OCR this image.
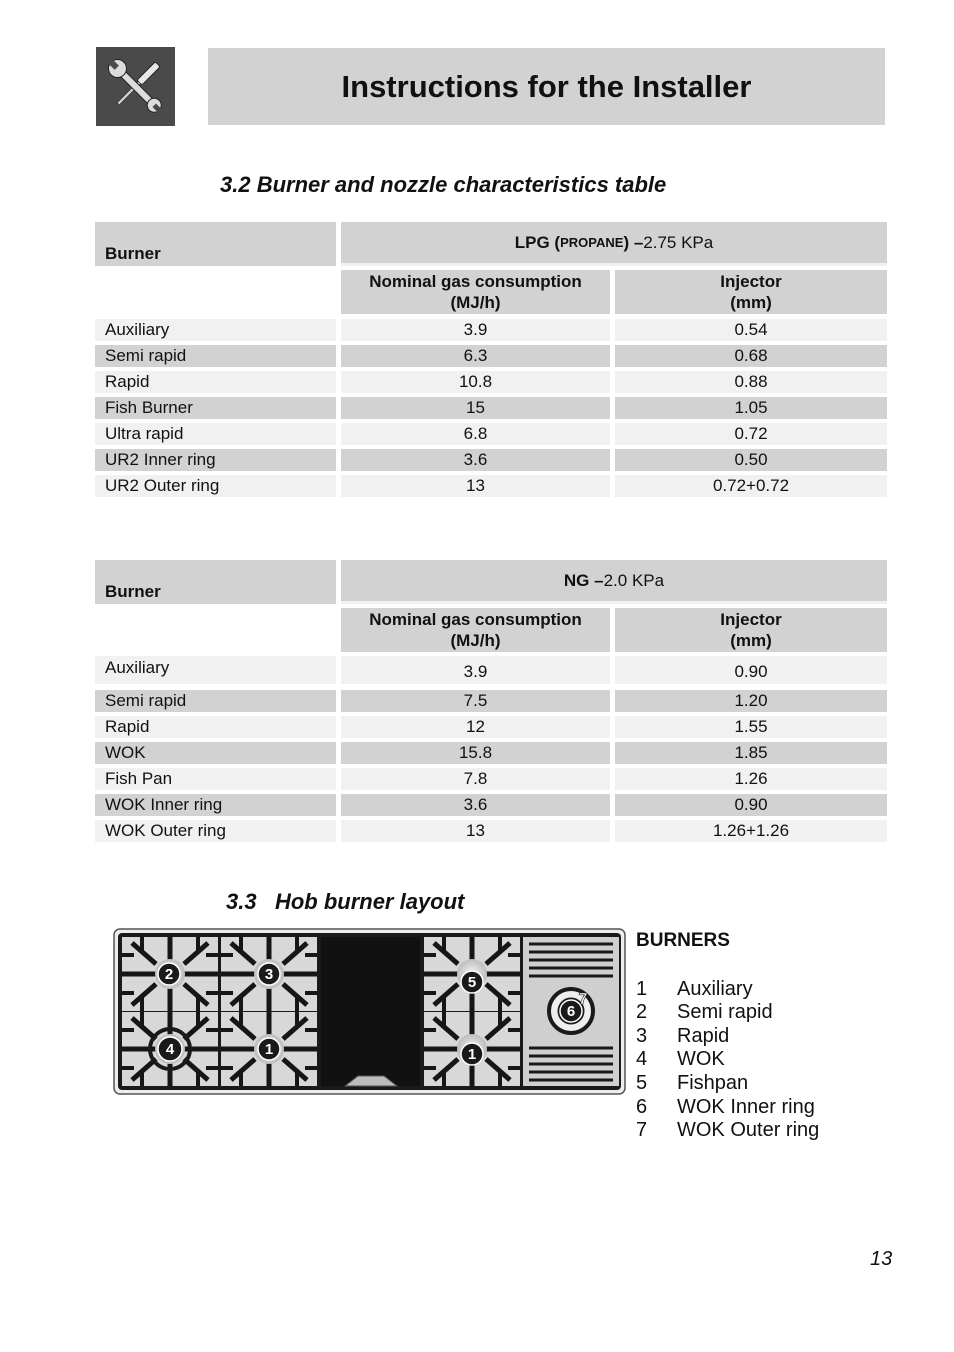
Instructions for the Installer
3.2 Burner and nozzle characteristics table
Burner
LPG ( PROPANE ) – 2.75 KPa
Nominal gas consumption
(MJ/h)
Injector
(mm)
Auxiliary	3.9	0.54
Semi rapid	6.3	0.68
Rapid	10.8	0.88
Fish Burner	15	1.05
Ultra rapid	6.8	0.72
UR2 Inner ring	3.6	0.50
UR2 Outer ring	13	0.72+0.72
Burner
NG – 2.0 KPa
Nominal gas consumption
(MJ/h)
Injector
(mm)
Auxiliary	3.9	0.90
Semi rapid	7.5	1.20
Rapid	12	1.55
WOK	15.8	1.85
Fish Pan	7.8	1.26
WOK Inner ring	3.6	0.90
WOK Outer ring	13	1.26+1.26
3.3 Hob burner layout
2	3
4	1
5
1
6
7
BURNERS
1 Auxiliary
2 Semi rapid
3 Rapid
4 WOK
5 Fishpan
6 WOK Inner ring
7 WOK Outer ring
13
